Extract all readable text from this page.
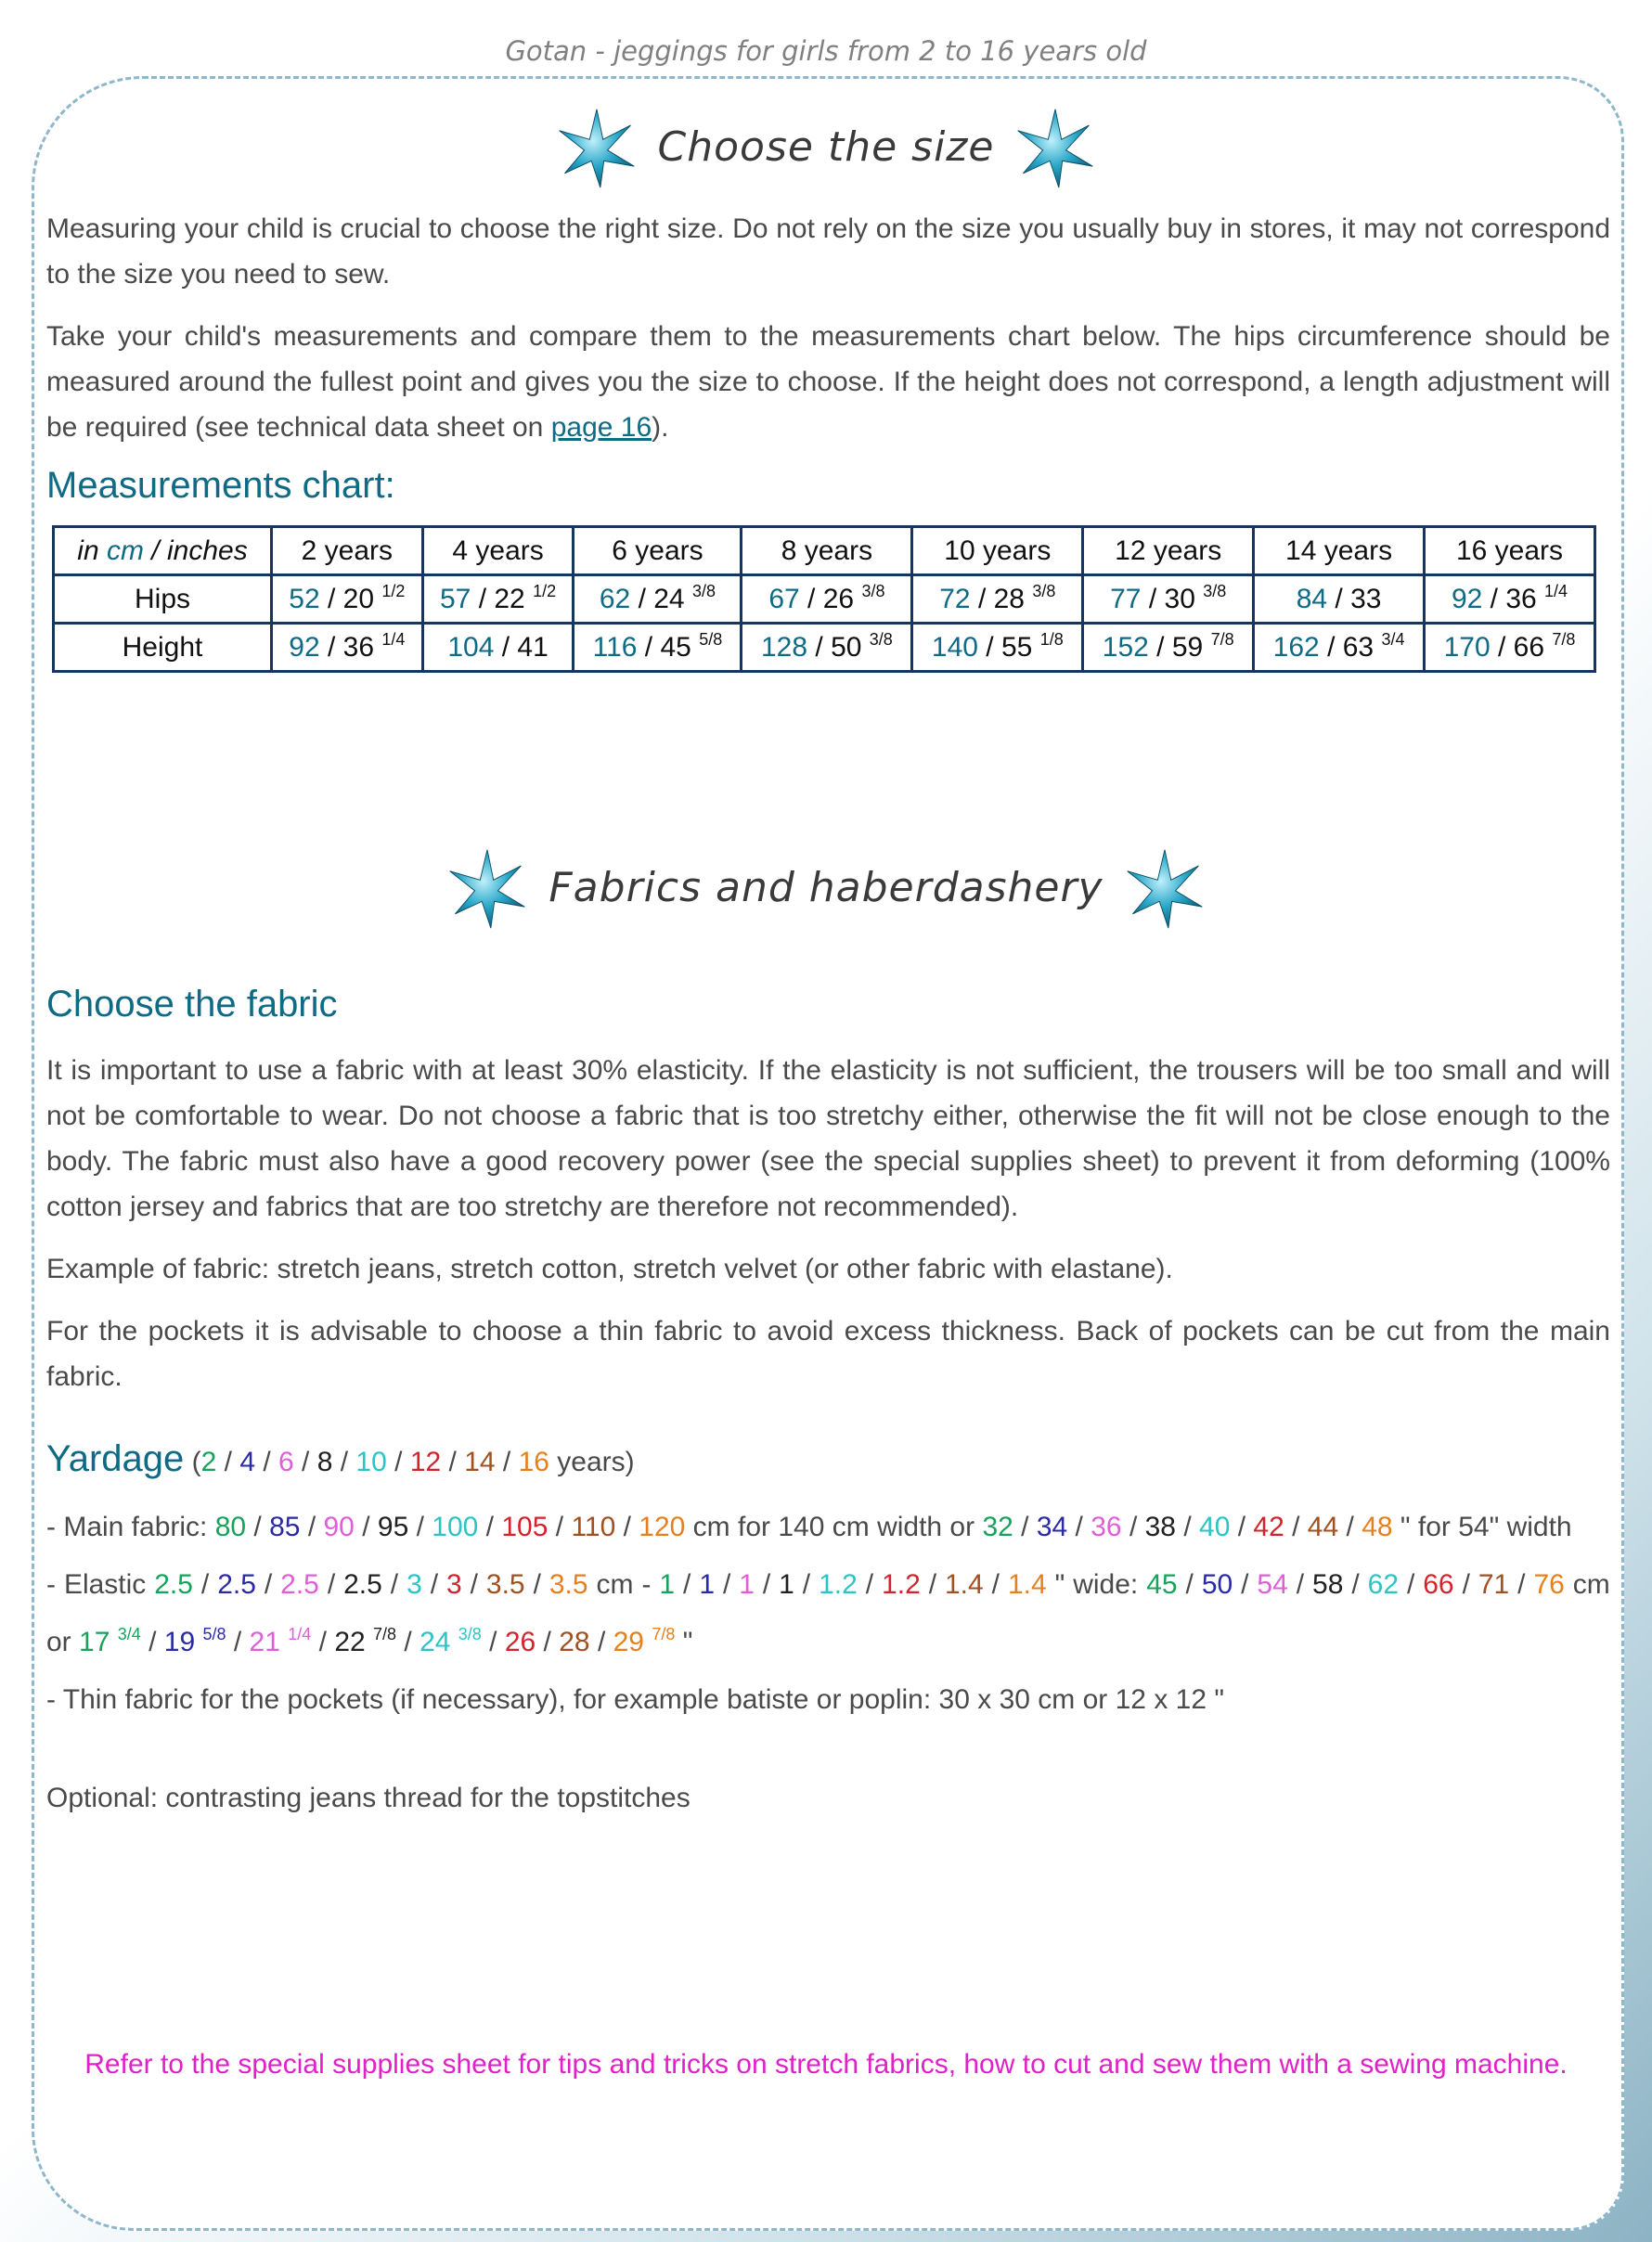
Gotan - jeggings for girls from 2 to 16 years old
Choose the size

Measuring your child is crucial to choose the right size. Do not rely on the size you usually buy in stores, it may not correspond to the size you need to sew.

Take your child's measurements and compare them to the measurements chart below. The hips circumference should be measured around the fullest point and gives you the size to choose. If the height does not correspond, a length adjustment will be required (see technical data sheet on page 16).

Measurements chart:
in cm / inches	2 years	4 years	6 years	8 years	10 years	12 years	14 years	16 years
Hips	52 / 20 $^{1/2}$	57 / 22 $^{1/2}$	62 / 24 $^{3/8}$	67 / 26 $^{3/8}$	72 / 28 $^{3/8}$	77 / 30 $^{3/8}$	84 / 33	92 / 36 $^{1/4}$
Height	92 / 36 $^{1/4}$	104 / 41	116 / 45 $^{5/8}$	128 / 50 $^{3/8}$	140 / 55 $^{1/8}$	152 / 59 $^{7/8}$	162 / 63 $^{3/4}$	170 / 66 $^{7/8}$
Fabrics and haberdashery
Choose the fabric

It is important to use a fabric with at least 30% elasticity. If the elasticity is not sufficient, the trousers will be too small and will not be comfortable to wear. Do not choose a fabric that is too stretchy either, otherwise the fit will not be close enough to the body. The fabric must also have a good recovery power (see the special supplies sheet) to prevent it from deforming (100% cotton jersey and fabrics that are too stretchy are therefore not recommended).

Example of fabric: stretch jeans, stretch cotton, stretch velvet (or other fabric with elastane).

For the pockets it is advisable to choose a thin fabric to avoid excess thickness. Back of pockets can be cut from the main fabric.

Yardage (2 / 4 / 6 / 8 / 10 / 12 / 14 / 16 years)

- Main fabric: 80 / 85 / 90 / 95 / 100 / 105 / 110 / 120 cm for 140 cm width or 32 / 34 / 36 / 38 / 40 / 42 / 44 / 48 " for 54" width

- Elastic 2.5 / 2.5 / 2.5 / 2.5 / 3 / 3 / 3.5 / 3.5 cm - 1 / 1 / 1 / 1 / 1.2 / 1.2 / 1.4 / 1.4 " wide: 45 / 50 / 54 / 58 / 62 / 66 / 71 / 76 cm or 17 $^{3/4}$ / 19 $^{5/8}$ / 21 $^{1/4}$ / 22 $^{7/8}$ / 24 $^{3/8}$ / 26 / 28 / 29 $^{7/8}$ "

- Thin fabric for the pockets (if necessary), for example batiste or poplin: 30 x 30 cm or 12 x 12 "

Optional: contrasting jeans thread for the topstitches

Refer to the special supplies sheet for tips and tricks on stretch fabrics, how to cut and sew them with a sewing machine.
